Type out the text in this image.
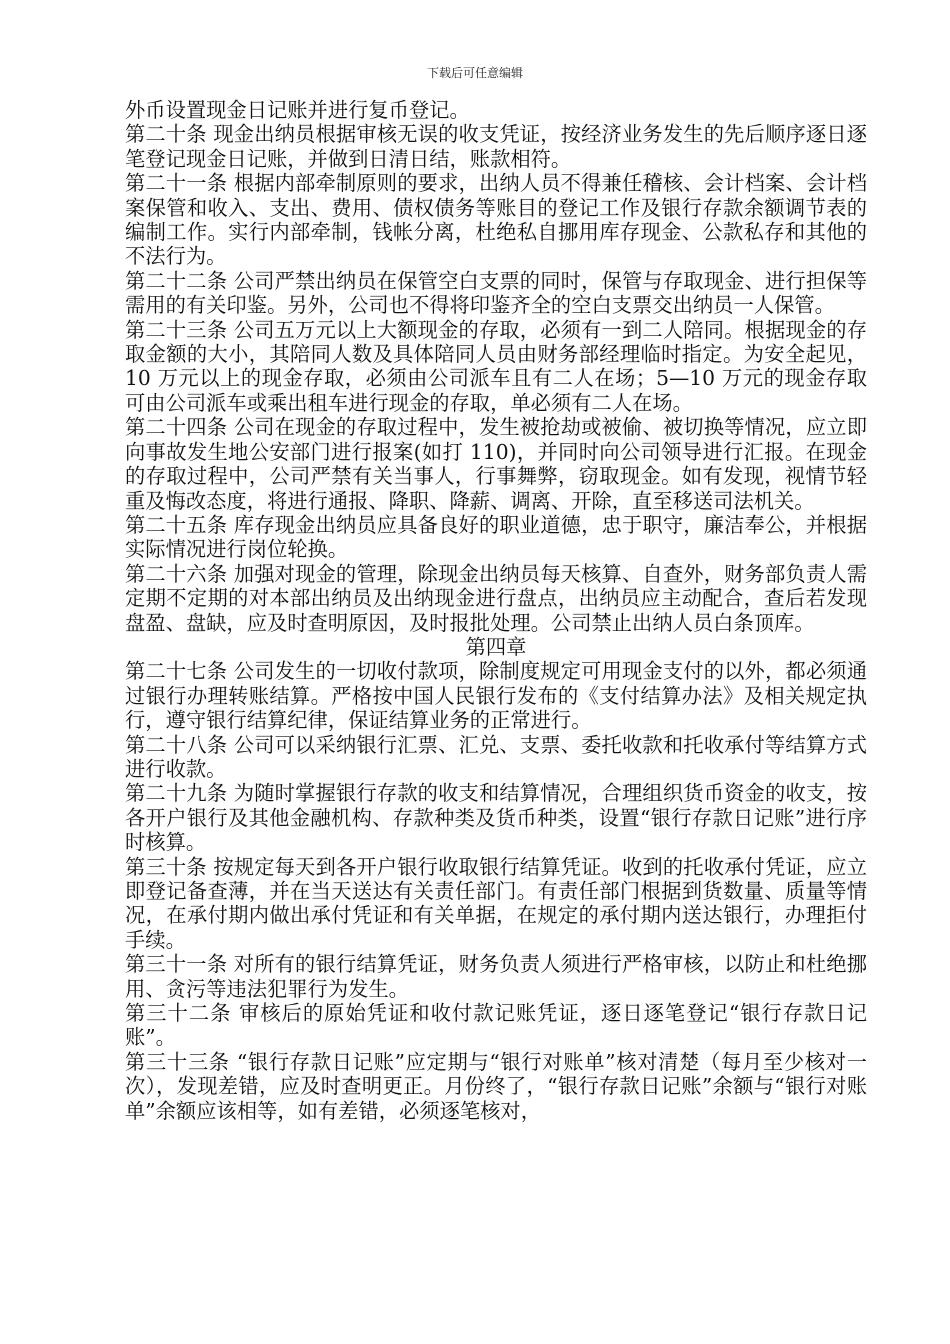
下载后可任意编辑

外币设置现金日记账并进行复币登记。

第二十条 现金出纳员根据审核无误的收支凭证，按经济业务发生的先后顺序逐日逐笔登记现金日记账，并做到日清日结，账款相符。

第二十一条 根据内部牵制原则的要求，出纳人员不得兼任稽核、会计档案、会计档案保管和收入、支出、费用、债权债务等账目的登记工作及银行存款余额调节表的编制工作。实行内部牵制，钱帐分离，杜绝私自挪用库存现金、公款私存和其他的不法行为。

第二十二条 公司严禁出纳员在保管空白支票的同时，保管与存取现金、进行担保等需用的有关印鉴。另外，公司也不得将印鉴齐全的空白支票交出纳员一人保管。

第二十三条 公司五万元以上大额现金的存取，必须有一到二人陪同。根据现金的存取金额的大小，其陪同人数及具体陪同人员由财务部经理临时指定。为安全起见，10 万元以上的现金存取，必须由公司派车且有二人在场；5—10 万元的现金存取可由公司派车或乘出租车进行现金的存取，单必须有二人在场。

第二十四条 公司在现金的存取过程中，发生被抢劫或被偷、被切换等情况，应立即向事故发生地公安部门进行报案(如打 110)，并同时向公司领导进行汇报。在现金的存取过程中，公司严禁有关当事人，行事舞弊，窃取现金。如有发现，视情节轻重及悔改态度，将进行通报、降职、降薪、调离、开除，直至移送司法机关。

第二十五条 库存现金出纳员应具备良好的职业道德，忠于职守，廉洁奉公，并根据实际情况进行岗位轮换。

第二十六条 加强对现金的管理，除现金出纳员每天核算、自查外，财务部负责人需定期不定期的对本部出纳员及出纳现金进行盘点，出纳员应主动配合，查后若发现盘盈、盘缺，应及时查明原因，及时报批处理。公司禁止出纳人员白条顶库。

第四章

第二十七条 公司发生的一切收付款项，除制度规定可用现金支付的以外，都必须通过银行办理转账结算。严格按中国人民银行发布的《支付结算办法》及相关规定执行，遵守银行结算纪律，保证结算业务的正常进行。

第二十八条 公司可以采纳银行汇票、汇兑、支票、委托收款和托收承付等结算方式进行收款。

第二十九条 为随时掌握银行存款的收支和结算情况，合理组织货币资金的收支，按各开户银行及其他金融机构、存款种类及货币种类，设置“银行存款日记账”进行序时核算。

第三十条 按规定每天到各开户银行收取银行结算凭证。收到的托收承付凭证，应立即登记备查薄，并在当天送达有关责任部门。有责任部门根据到货数量、质量等情况，在承付期内做出承付凭证和有关单据，在规定的承付期内送达银行，办理拒付手续。

第三十一条 对所有的银行结算凭证，财务负责人须进行严格审核，以防止和杜绝挪用、贪污等违法犯罪行为发生。

第三十二条 审核后的原始凭证和收付款记账凭证，逐日逐笔登记“银行存款日记账”。

第三十三条 “银行存款日记账”应定期与“银行对账单”核对清楚（每月至少核对一次），发现差错，应及时查明更正。月份终了，“银行存款日记账”余额与“银行对账单”余额应该相等，如有差错，必须逐笔核对，
